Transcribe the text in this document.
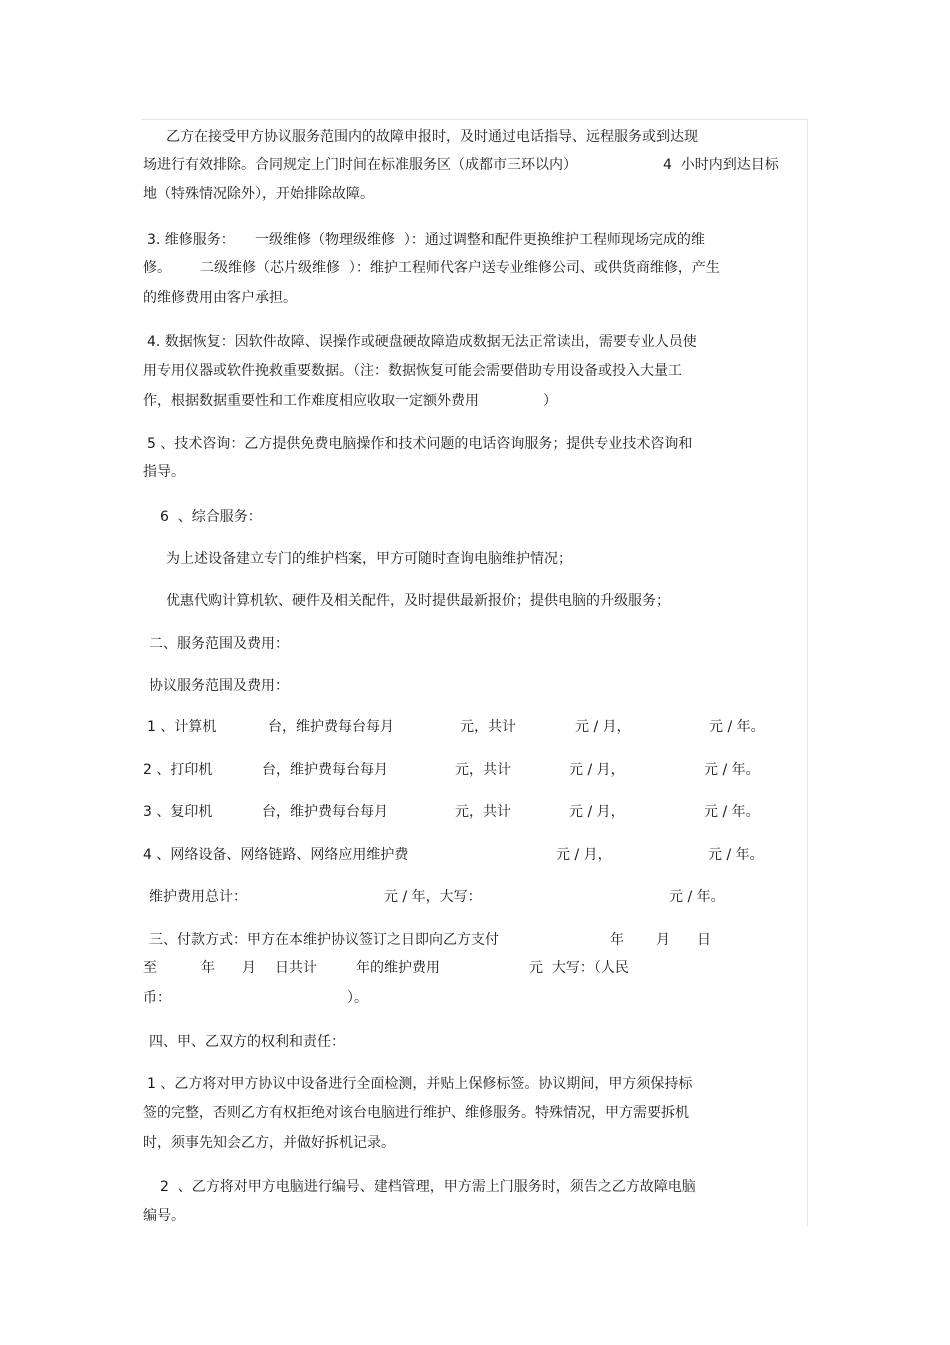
乙方在接受甲方协议服务范围内的故障申报时，及时通过电话指导、远程服务或到达现
场进行有效排除。合同规定上门时间在标准服务区（成都市三环以内）	4  小时内到达目标
地（特殊情况除外），开始排除故障。
3. 维修服务： 一级维修（物理级维修  ）：通过调整和配件更换维护工程师现场完成的维
修。 二级维修（芯片级维修  ）：维护工程师代客户送专业维修公司、或供货商维修，产生
的维修费用由客户承担。
4. 数据恢复：因软件故障、误操作或硬盘硬故障造成数据无法正常读出，需要专业人员使
用专用仪器或软件挽救重要数据。（注：数据恢复可能会需要借助专用设备或投入大量工
作，根据数据重要性和工作难度相应收取一定额外费用	）
5 、技术咨询：乙方提供免费电脑操作和技术问题的电话咨询服务；提供专业技术咨询和
指导。
6  、综合服务：
为上述设备建立专门的维护档案，甲方可随时查询电脑维护情况；
优惠代购计算机软、硬件及相关配件，及时提供最新报价；提供电脑的升级服务；
二、服务范围及费用：
协议服务范围及费用：
1 、计算机	台，维护费每台每月	元，共计	元 / 月，	元 / 年。
2 、打印机	台，维护费每台每月	元，共计	元 / 月，	元 / 年。
3 、复印机	台，维护费每台每月	元，共计	元 / 月，	元 / 年。
4 、网络设备、网络链路、网络应用维护费	元 / 月，	元 / 年。
维护费用总计：	元 / 年，大写：	元 / 年。
三、付款方式：甲方在本维护协议签订之日即向乙方支付	年 月 日
至	年 月 日共计	年的维护费用	元  大写：（人民
币：	）。
四、甲、乙双方的权利和责任：
1 、乙方将对甲方协议中设备进行全面检测，并贴上保修标签。协议期间，甲方须保持标
签的完整，否则乙方有权拒绝对该台电脑进行维护、维修服务。特殊情况，甲方需要拆机
时，须事先知会乙方，并做好拆机记录。
2  、乙方将对甲方电脑进行编号、建档管理，甲方需上门服务时，须告之乙方故障电脑
编号。
